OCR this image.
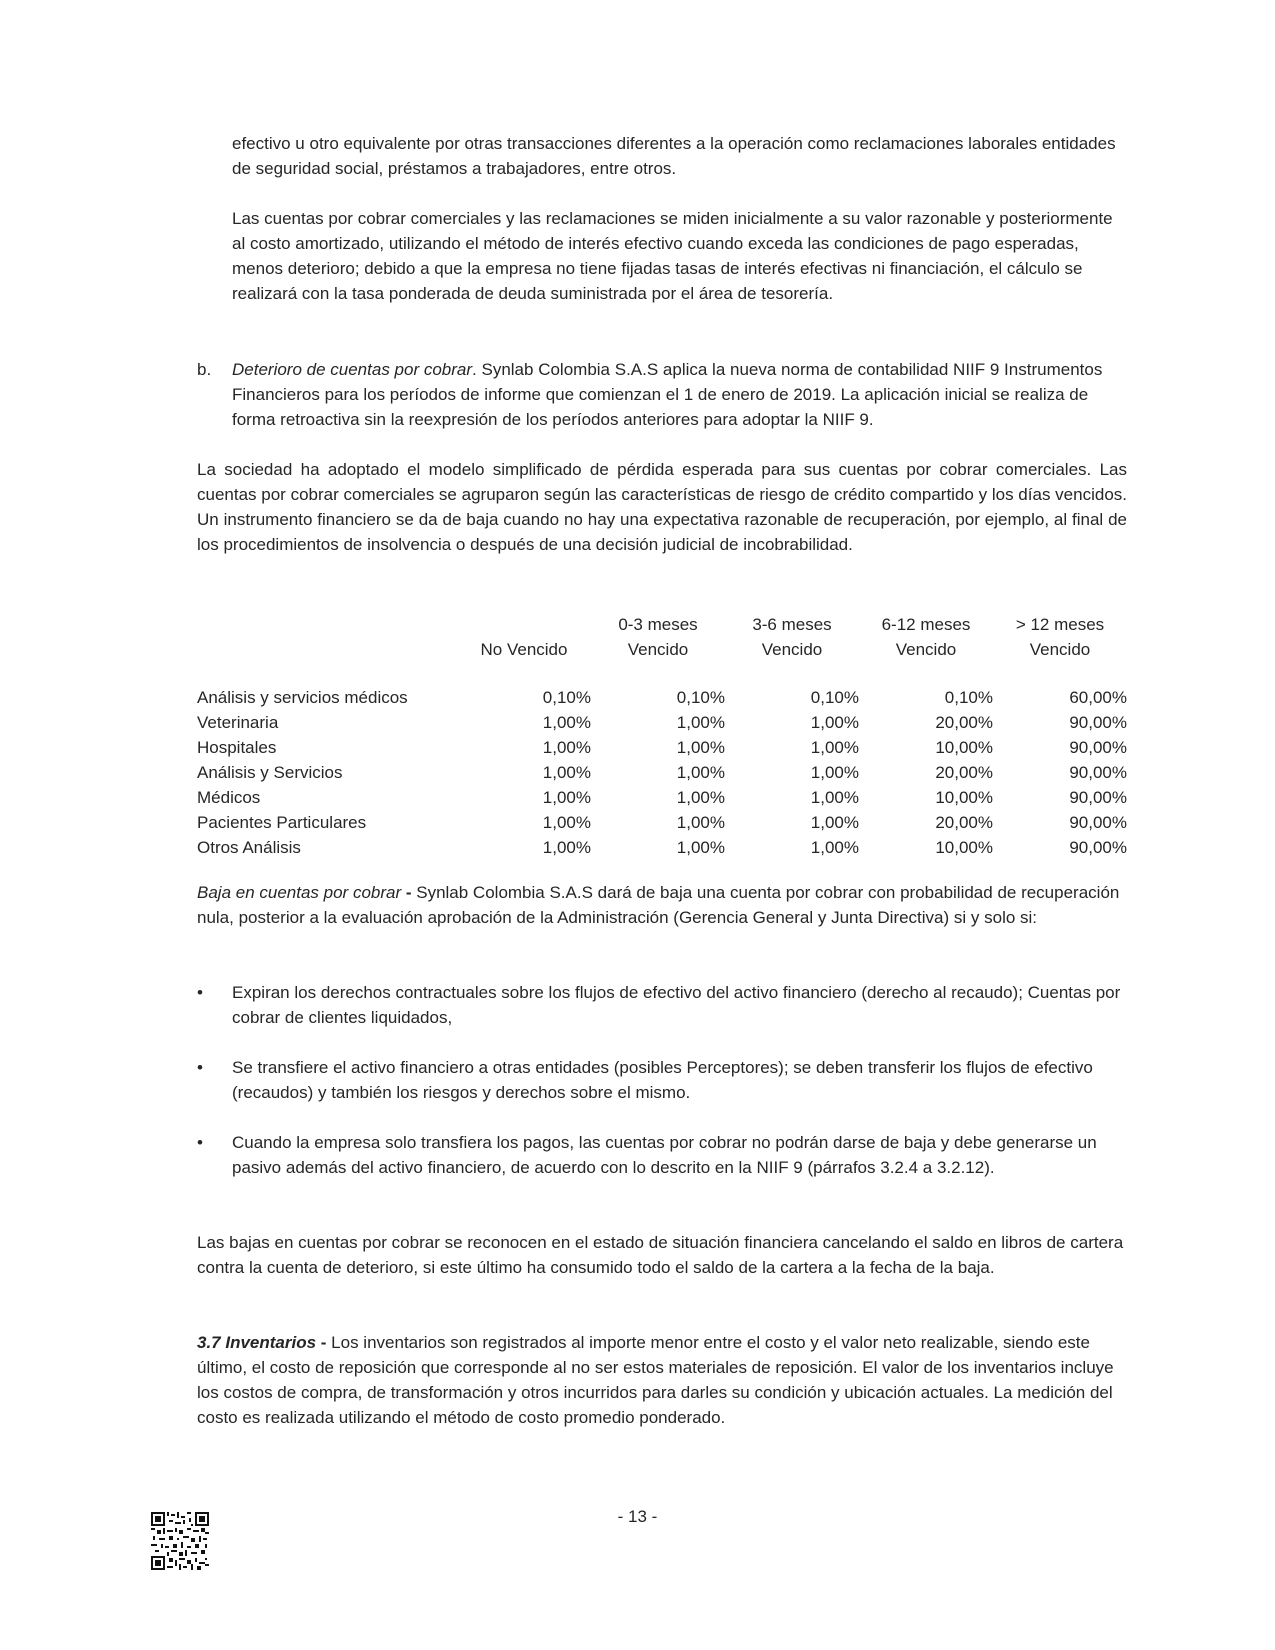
efectivo u otro equivalente por otras transacciones diferentes a la operación como reclamaciones laborales entidades de seguridad social, préstamos a trabajadores, entre otros.

Las cuentas por cobrar comerciales y las reclamaciones se miden inicialmente a su valor razonable y posteriormente al costo amortizado, utilizando el método de interés efectivo cuando exceda las condiciones de pago esperadas, menos deterioro; debido a que la empresa no tiene fijadas tasas de interés efectivas ni financiación, el cálculo se realizará con la tasa ponderada de deuda suministrada por el área de tesorería.

b.	Deterioro de cuentas por cobrar. Synlab Colombia S.A.S aplica la nueva norma de contabilidad NIIF 9 Instrumentos Financieros para los períodos de informe que comienzan el 1 de enero de 2019. La aplicación inicial se realiza de forma retroactiva sin la reexpresión de los períodos anteriores para adoptar la NIIF 9.

La sociedad ha adoptado el modelo simplificado de pérdida esperada para sus cuentas por cobrar comerciales. Las cuentas por cobrar comerciales se agruparon según las características de riesgo de crédito compartido y los días vencidos. Un instrumento financiero se da de baja cuando no hay una expectativa razonable de recuperación, por ejemplo, al final de los procedimientos de insolvencia o después de una decisión judicial de incobrabilidad.

		0-3 meses	3-6 meses	6-12 meses	> 12 meses
	No Vencido	Vencido	Vencido	Vencido	Vencido

Análisis y servicios médicos	0,10%	0,10%	0,10%	0,10%	60,00%
Veterinaria	1,00%	1,00%	1,00%	20,00%	90,00%
Hospitales	1,00%	1,00%	1,00%	10,00%	90,00%
Análisis y Servicios	1,00%	1,00%	1,00%	20,00%	90,00%
Médicos	1,00%	1,00%	1,00%	10,00%	90,00%
Pacientes Particulares	1,00%	1,00%	1,00%	20,00%	90,00%
Otros Análisis	1,00%	1,00%	1,00%	10,00%	90,00%

Baja en cuentas por cobrar - Synlab Colombia S.A.S dará de baja una cuenta por cobrar con probabilidad de recuperación nula, posterior a la evaluación aprobación de la Administración (Gerencia General y Junta Directiva) si y solo si:

•	Expiran los derechos contractuales sobre los flujos de efectivo del activo financiero (derecho al recaudo); Cuentas por cobrar de clientes liquidados,
•	Se transfiere el activo financiero a otras entidades (posibles Perceptores); se deben transferir los flujos de efectivo (recaudos) y también los riesgos y derechos sobre el mismo.
•	Cuando la empresa solo transfiera los pagos, las cuentas por cobrar no podrán darse de baja y debe generarse un pasivo además del activo financiero, de acuerdo con lo descrito en la NIIF 9 (párrafos 3.2.4 a 3.2.12).

Las bajas en cuentas por cobrar se reconocen en el estado de situación financiera cancelando el saldo en libros de cartera contra la cuenta de deterioro, si este último ha consumido todo el saldo de la cartera a la fecha de la baja.

3.7 Inventarios - Los inventarios son registrados al importe menor entre el costo y el valor neto realizable, siendo este último, el costo de reposición que corresponde al no ser estos materiales de reposición. El valor de los inventarios incluye los costos de compra, de transformación y otros incurridos para darles su condición y ubicación actuales. La medición del costo es realizada utilizando el método de costo promedio ponderado.

- 13 -
